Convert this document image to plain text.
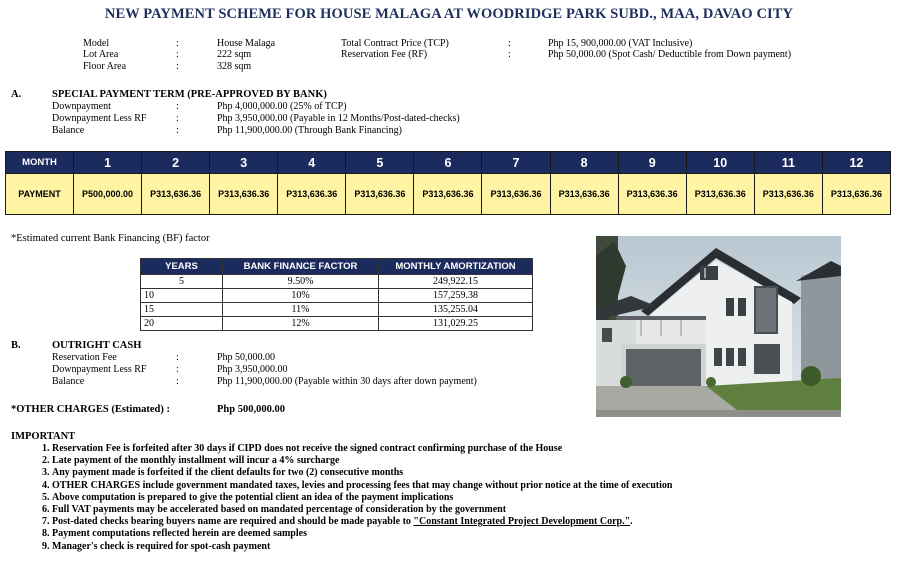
NEW PAYMENT SCHEME FOR HOUSE MALAGA AT WOODRIDGE PARK SUBD., MAA, DAVAO CITY
Model	:	House Malaga
Lot Area	:	222 sqm
Floor Area	:	328 sqm
Total Contract Price (TCP)	:	Php 15, 900,000.00 (VAT Inclusive)
Reservation Fee (RF)	:	Php 50,000.00 (Spot Cash/ Deductible from Down payment)
A.	SPECIAL PAYMENT TERM (PRE-APPROVED BY BANK)
Downpayment	:	Php 4,000,000.00 (25% of TCP)
Downpayment Less RF	:	Php 3,950,000.00 (Payable in 12 Months/Post-dated-checks)
Balance	:	Php 11,900,000.00 (Through Bank Financing)
MONTH	1	2	3	4	5	6	7	8	9	10	11	12
PAYMENT	P500,000.00	P313,636.36	P313,636.36	P313,636.36	P313,636.36	P313,636.36	P313,636.36	P313,636.36	P313,636.36	P313,636.36	P313,636.36	P313,636.36
*Estimated current Bank Financing (BF) factor
YEARS	BANK FINANCE FACTOR	MONTHLY AMORTIZATION
5	9.50%	249,922.15
10	10%	157,259.38
15	11%	135,255.04
20	12%	131,029.25
B.	OUTRIGHT CASH
Reservation Fee	:	Php 50,000.00
Downpayment Less RF	:	Php 3,950,000.00
Balance	:	Php 11,900,000.00 (Payable within 30 days after down payment)
*OTHER CHARGES (Estimated) :	Php 500,000.00
IMPORTANT
1. Reservation Fee is forfeited after 30 days if CIPD does not receive the signed contract confirming purchase of the House
2. Late payment of the monthly installment will incur a 4% surcharge
3. Any payment made is forfeited if the client defaults for two (2) consecutive months
4. OTHER CHARGES include government mandated taxes, levies and processing fees that may change without prior notice at the time of execution
5. Above computation is prepared to give the potential client an idea of the payment implications
6. Full VAT payments may be accelerated based on mandated percentage of consideration by the government
7. Post-dated checks bearing buyers name are required and should be made payable to "Constant Integrated Project Development Corp.".
8. Payment computations reflected herein are deemed samples
9. Manager's check is required for spot-cash payment
